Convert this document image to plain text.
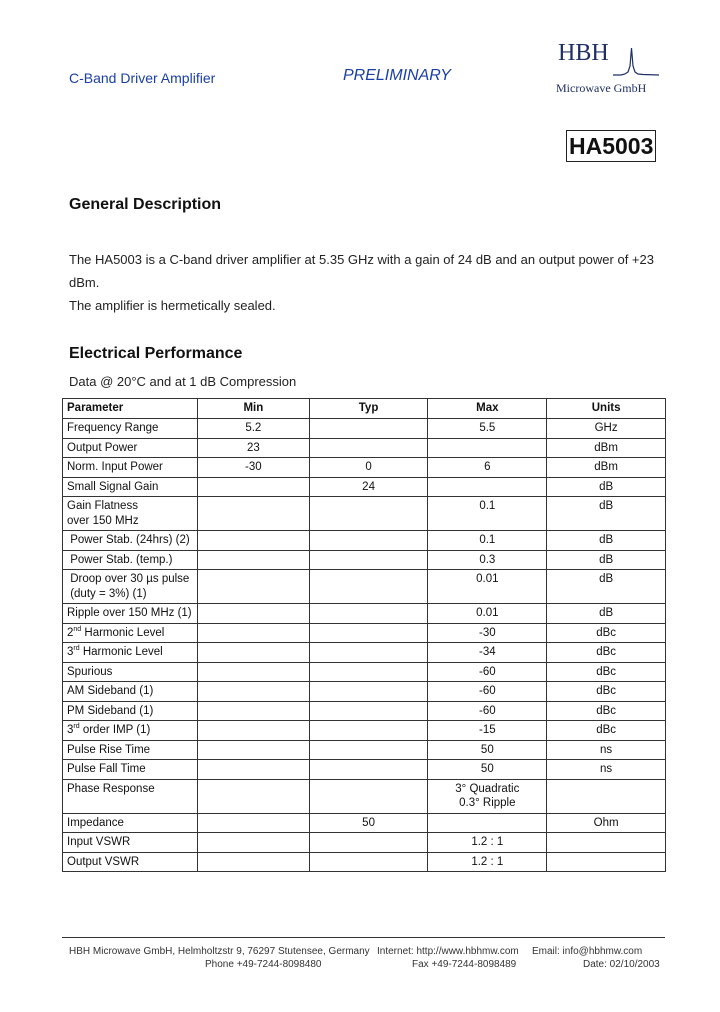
C-Band Driver Amplifier	PRELIMINARY
HBH
Microwave GmbH
HA5003
General Description
The HA5003 is a C-band driver amplifier at 5.35 GHz with a gain of 24 dB and an output power of +23 dBm.
The amplifier is hermetically sealed.
Electrical Performance
Data @ 20°C and at 1 dB Compression
Parameter	Min	Typ	Max	Units

Frequency Range	5.2		5.5	GHz

Output Power	23			dBm

Norm. Input Power	-30	0	6	dBm

Small Signal Gain		24		dB

Gain Flatness
over 150 MHz			0.1	dB

Power Stab. (24hrs) (2)			0.1	dB

Power Stab. (temp.)			0.3	dB

Droop over 30 µs pulse
(duty = 3%) (1)			0.01	dB

Ripple over 150 MHz (1)			0.01	dB

2nd Harmonic Level			-30	dBc

3rd Harmonic Level			-34	dBc

Spurious			-60	dBc

AM Sideband (1)			-60	dBc

PM Sideband (1)			-60	dBc

3rd order IMP (1)			-15	dBc

Pulse Rise Time			50	ns

Pulse Fall Time			50	ns

Phase Response			3° Quadratic
0.3° Ripple	

Impedance		50		Ohm

Input VSWR			1.2 : 1	

Output VSWR			1.2 : 1	

HBH Microwave GmbH, Helmholtzstr 9, 76297 Stutensee, Germany Internet: http://www.hbhmw.com Email: info@hbhmw.com
Phone +49-7244-8098480	Fax +49-7244-8098489	Date: 02/10/2003
